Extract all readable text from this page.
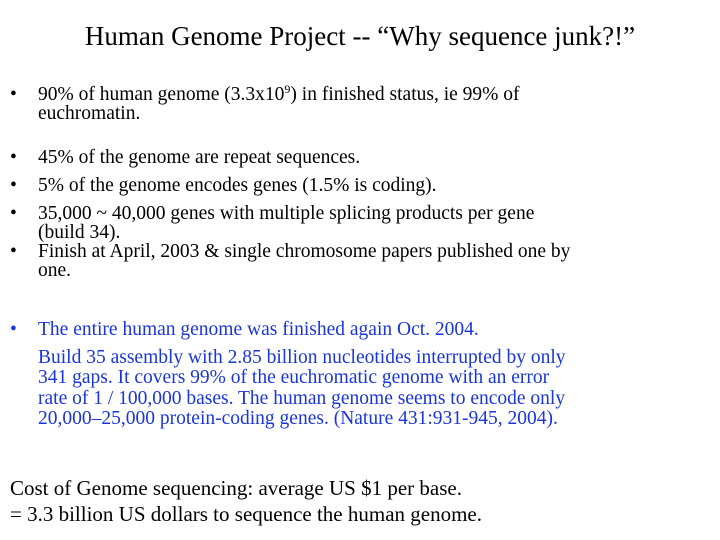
Human Genome Project -- “Why sequence junk?!”
• 90% of human genome $(3.3x10^9)$ in finished status, ie 99% of
euchromatin.
• 45% of the genome are repeat sequences.
• 5% of the genome encodes genes (1.5% is coding).
• 35,000 ~ 40,000 genes with multiple splicing products per gene
(build 34).
• Finish at April, 2003 & single chromosome papers published one by
one.
• The entire human genome was finished again Oct. 2004.
Build 35 assembly with 2.85 billion nucleotides interrupted by only
341 gaps. It covers 99% of the euchromatic genome with an error
rate of 1 / 100,000 bases. The human genome seems to encode only
20,000–25,000 protein-coding genes. (Nature 431:931-945, 2004).
Cost of Genome sequencing: average US $1 per base.
= 3.3 billion US dollars to sequence the human genome.
